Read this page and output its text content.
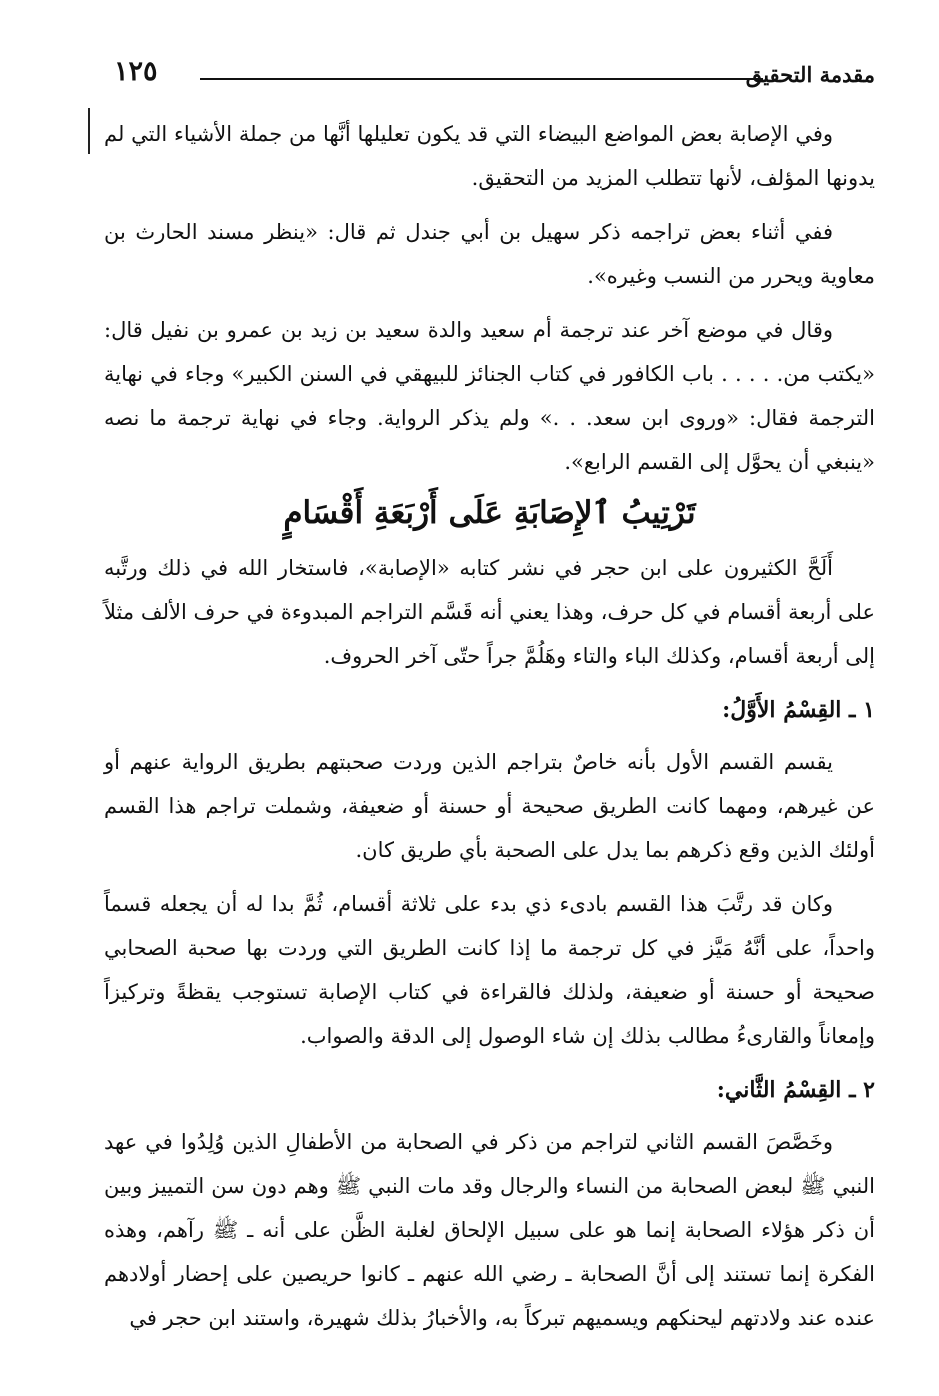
مقدمة التحقيق
١٢٥

وفي الإصابة بعض المواضع البيضاء التي قد يكون تعليلها أنَّها من جملة الأشياء التي لم يدونها المؤلف، لأنها تتطلب المزيد من التحقيق.

ففي أثناء بعض تراجمه ذكر سهيل بن أبي جندل ثم قال: «ينظر مسند الحارث بن معاوية ويحرر من النسب وغيره».

وقال في موضع آخر عند ترجمة أم سعيد والدة سعيد بن زيد بن عمرو بن نفيل قال: «يكتب من. . . . . باب الكافور في كتاب الجنائز للبيهقي في السنن الكبير» وجاء في نهاية الترجمة فقال: «وروى ابن سعد. . .» ولم يذكر الرواية. وجاء في نهاية ترجمة ما نصه «ينبغي أن يحوَّل إلى القسم الرابع».

تَرْتِيبُ ٱلإِصَابَةِ عَلَى أَرْبَعَةِ أَقْسَامٍ

أَلَحَّ الكثيرون على ابن حجر في نشر كتابه «الإصابة»، فاستخار الله في ذلك ورتَّبه على أربعة أقسام في كل حرف، وهذا يعني أنه قَسَّم التراجم المبدوءة في حرف الألف مثلاً إلى أربعة أقسام، وكذلك الباء والتاء وهَلُمَّ جراً حتّى آخر الحروف.

١ ـ القِسْمُ الأَوَّلُ:

يقسم القسم الأول بأنه خاصٌ بتراجم الذين وردت صحبتهم بطريق الرواية عنهم أو عن غيرهم، ومهما كانت الطريق صحيحة أو حسنة أو ضعيفة، وشملت تراجم هذا القسم أولئك الذين وقع ذكرهم بما يدل على الصحبة بأي طريق كان.

وكان قد رتَّبَ هذا القسم بادىء ذي بدء على ثلاثة أقسام، ثُمَّ بدا له أن يجعله قسماً واحداً، على أنَّهُ مَيَّز في كل ترجمة ما إذا كانت الطريق التي وردت بها صحبة الصحابي صحيحة أو حسنة أو ضعيفة، ولذلك فالقراءة في كتاب الإصابة تستوجب يقظةً وتركيزاً وإمعاناً والقارىءُ مطالب بذلك إن شاء الوصول إلى الدقة والصواب.

٢ ـ القِسْمُ الثَّاني:

وخَصَّصَ القسم الثاني لتراجم من ذكر في الصحابة من الأطفالِ الذين وُلِدُوا في عهد النبي ﷺ لبعض الصحابة من النساء والرجال وقد مات النبي ﷺ وهم دون سن التمييز وبين أن ذكر هؤلاء الصحابة إنما هو على سبيل الإلحاق لغلبة الظَّن على أنه ـ ﷺ رآهم، وهذه الفكرة إنما تستند إلى أنَّ الصحابة ـ رضي الله عنهم ـ كانوا حريصين على إحضار أولادهم عنده عند ولادتهم ليحنكهم ويسميهم تبركاً به، والأخبارُ بذلك شهيرة، واستند ابن حجر في
